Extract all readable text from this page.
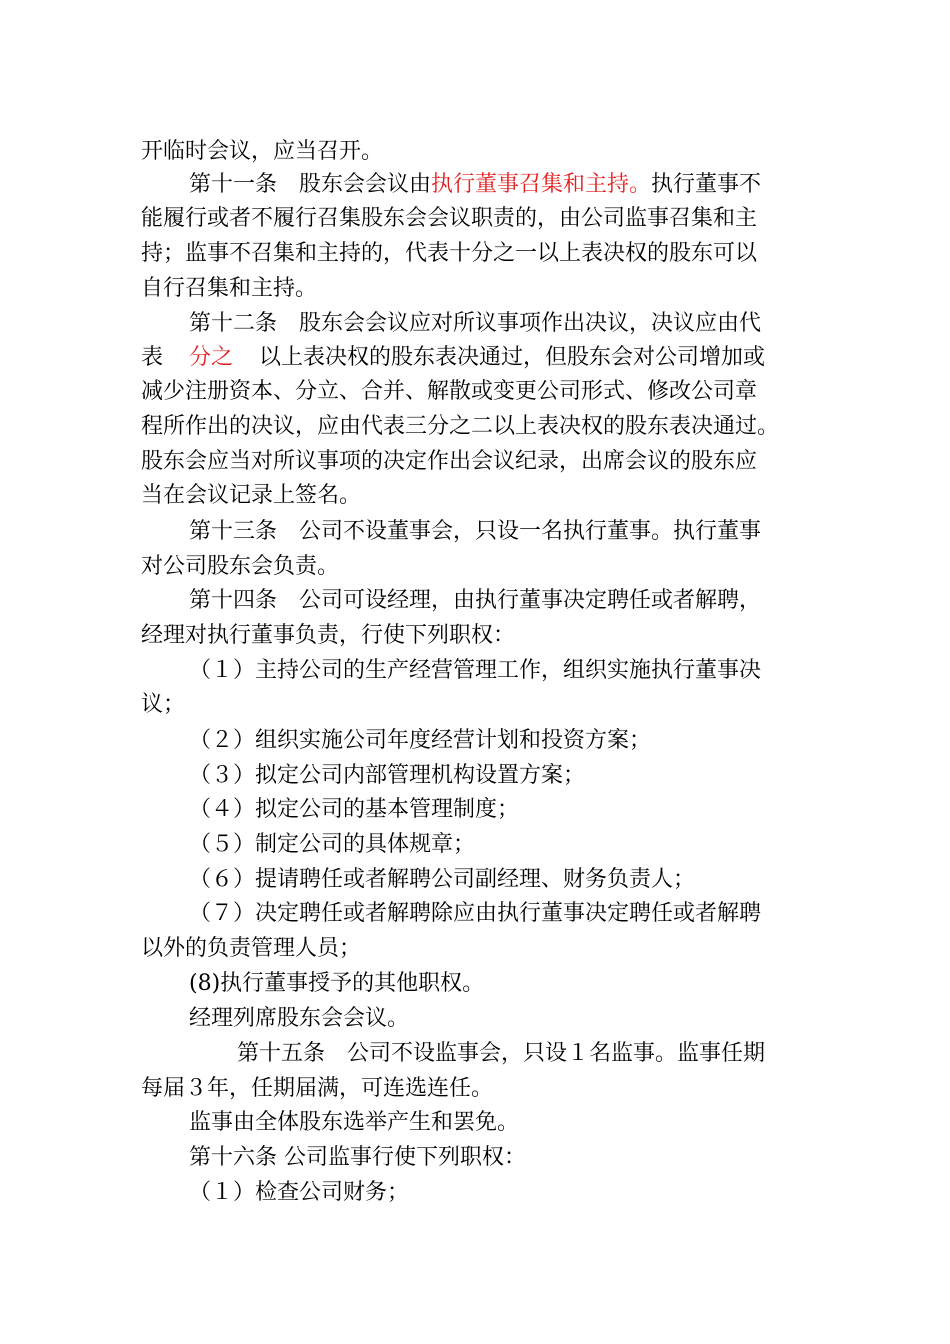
开临时会议，应当召开。
第十一条　股东会会议由执行董事召集和主持。执行董事不
能履行或者不履行召集股东会会议职责的，由公司监事召集和主
持；监事不召集和主持的，代表十分之一以上表决权的股东可以
自行召集和主持。
第十二条　股东会会议应对所议事项作出决议，决议应由代
表 分之 以上表决权的股东表决通过，但股东会对公司增加或
减少注册资本、分立、合并、解散或变更公司形式、修改公司章
程所作出的决议，应由代表三分之二以上表决权的股东表决通过。
股东会应当对所议事项的决定作出会议纪录，出席会议的股东应
当在会议记录上签名。
第十三条　公司不设董事会，只设一名执行董事。执行董事
对公司股东会负责。
第十四条　公司可设经理，由执行董事决定聘任或者解聘，
经理对执行董事负责，行使下列职权：
（１）主持公司的生产经营管理工作，组织实施执行董事决
议；
（２）组织实施公司年度经营计划和投资方案；
（３）拟定公司内部管理机构设置方案；
（４）拟定公司的基本管理制度；
（５）制定公司的具体规章；
（６）提请聘任或者解聘公司副经理、财务负责人；
（７）决定聘任或者解聘除应由执行董事决定聘任或者解聘
以外的负责管理人员；
(8)执行董事授予的其他职权。
经理列席股东会会议。
第十五条　公司不设监事会，只设１名监事。监事任期
每届３年，任期届满，可连选连任。
监事由全体股东选举产生和罢免。
第十六条 公司监事行使下列职权：
（１）检查公司财务；
